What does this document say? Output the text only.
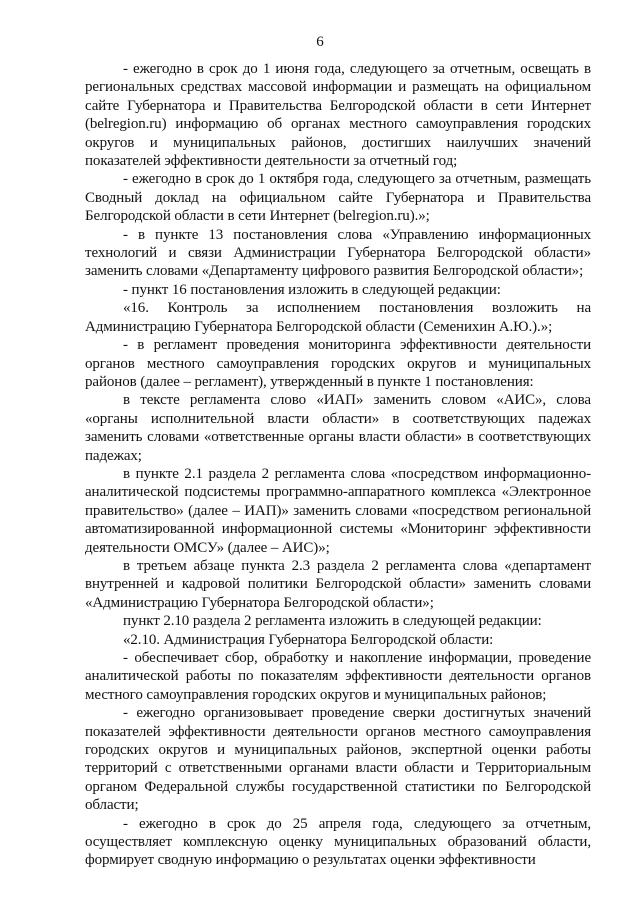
6

- ежегодно в срок до 1 июня года, следующего за отчетным, освещать в региональных средствах массовой информации и размещать на официальном сайте Губернатора и Правительства Белгородской области в сети Интернет (belregion.ru) информацию об органах местного самоуправления городских округов и муниципальных районов, достигших наилучших значений показателей эффективности деятельности за отчетный год;

- ежегодно в срок до 1 октября года, следующего за отчетным, размещать Сводный доклад на официальном сайте Губернатора и Правительства Белгородской области в сети Интернет (belregion.ru).»;

- в пункте 13 постановления слова «Управлению информационных технологий и связи Администрации Губернатора Белгородской области» заменить словами «Департаменту цифрового развития Белгородской области»;

- пункт 16 постановления изложить в следующей редакции:

«16. Контроль за исполнением постановления возложить на Администрацию Губернатора Белгородской области (Семенихин А.Ю.).»;

- в регламент проведения мониторинга эффективности деятельности органов местного самоуправления городских округов и муниципальных районов (далее – регламент), утвержденный в пункте 1 постановления:

в тексте регламента слово «ИАП» заменить словом «АИС», слова «органы исполнительной власти области» в соответствующих падежах заменить словами «ответственные органы власти области» в соответствующих падежах;

в пункте 2.1 раздела 2 регламента слова «посредством информационно-аналитической подсистемы программно-аппаратного комплекса «Электронное правительство» (далее – ИАП)» заменить словами «посредством региональной автоматизированной информационной системы «Мониторинг эффективности деятельности ОМСУ» (далее – АИС)»;

в третьем абзаце пункта 2.3 раздела 2 регламента слова «департамент внутренней и кадровой политики Белгородской области» заменить словами «Администрацию Губернатора Белгородской области»;

пункт 2.10 раздела 2 регламента изложить в следующей редакции:

«2.10. Администрация Губернатора Белгородской области:

- обеспечивает сбор, обработку и накопление информации, проведение аналитической работы по показателям эффективности деятельности органов местного самоуправления городских округов и муниципальных районов;

- ежегодно организовывает проведение сверки достигнутых значений показателей эффективности деятельности органов местного самоуправления городских округов и муниципальных районов, экспертной оценки работы территорий с ответственными органами власти области и Территориальным органом Федеральной службы государственной статистики по Белгородской области;

- ежегодно в срок до 25 апреля года, следующего за отчетным, осуществляет комплексную оценку муниципальных образований области, формирует сводную информацию о результатах оценки эффективности
